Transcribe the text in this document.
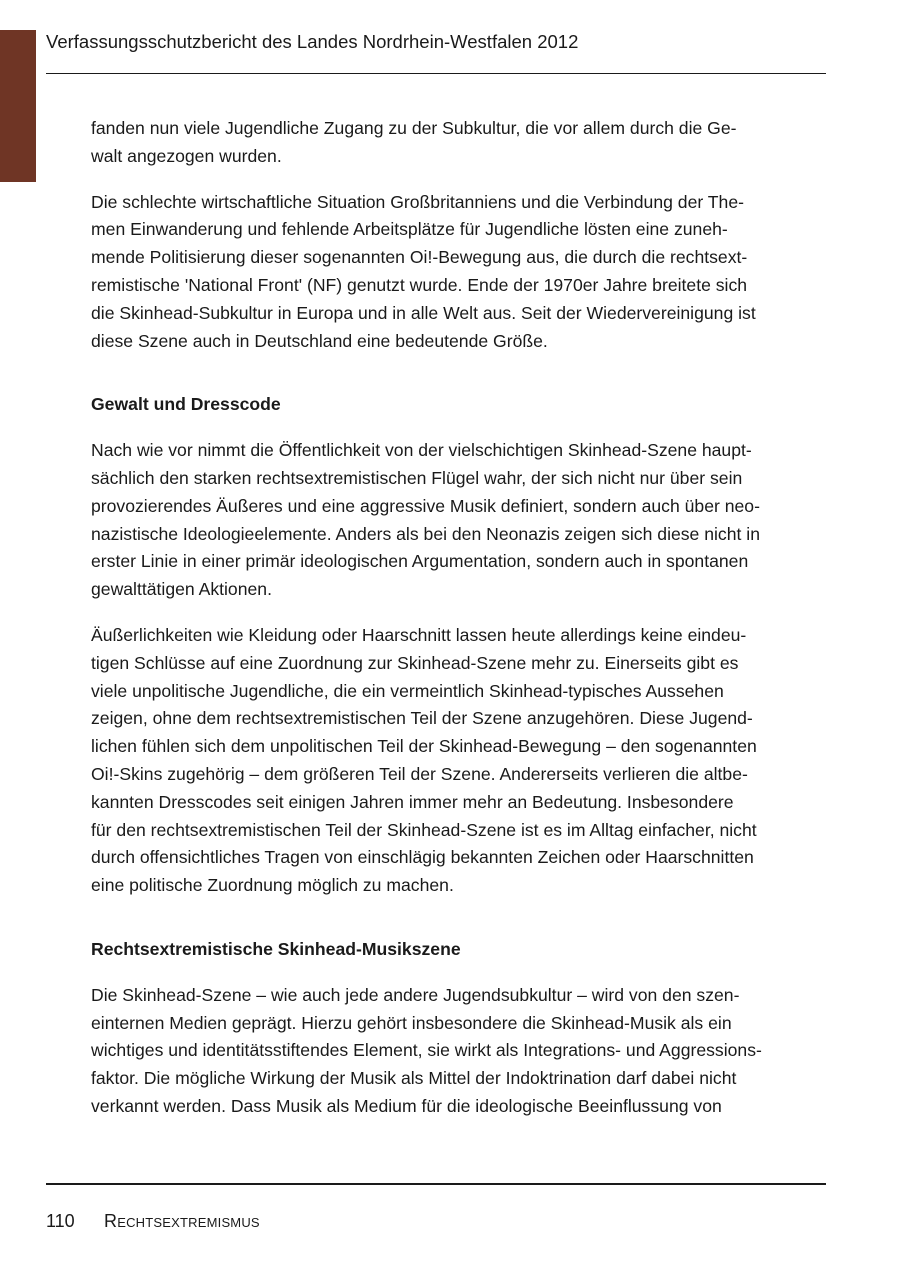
Verfassungsschutzbericht des Landes Nordrhein-Westfalen 2012

fanden nun viele Jugendliche Zugang zu der Subkultur, die vor allem durch die Ge-
walt angezogen wurden.

Die schlechte wirtschaftliche Situation Großbritanniens und die Verbindung der The-
men Einwanderung und fehlende Arbeitsplätze für Jugendliche lösten eine zuneh-
mende Politisierung dieser sogenannten Oi!-Bewegung aus, die durch die rechtsext-
remistische 'National Front' (NF) genutzt wurde. Ende der 1970er Jahre breitete sich
die Skinhead-Subkultur in Europa und in alle Welt aus. Seit der Wiedervereinigung ist
diese Szene auch in Deutschland eine bedeutende Größe.

Gewalt und Dresscode

Nach wie vor nimmt die Öffentlichkeit von der vielschichtigen Skinhead-Szene haupt-
sächlich den starken rechtsextremistischen Flügel wahr, der sich nicht nur über sein
provozierendes Äußeres und eine aggressive Musik definiert, sondern auch über neo-
nazistische Ideologieelemente. Anders als bei den Neonazis zeigen sich diese nicht in
erster Linie in einer primär ideologischen Argumentation, sondern auch in spontanen
gewalttätigen Aktionen.

Äußerlichkeiten wie Kleidung oder Haarschnitt lassen heute allerdings keine eindeu-
tigen Schlüsse auf eine Zuordnung zur Skinhead-Szene mehr zu. Einerseits gibt es
viele unpolitische Jugendliche, die ein vermeintlich Skinhead-typisches Aussehen
zeigen, ohne dem rechtsextremistischen Teil der Szene anzugehören. Diese Jugend-
lichen fühlen sich dem unpolitischen Teil der Skinhead-Bewegung – den sogenannten
Oi!-Skins zugehörig – dem größeren Teil der Szene. Andererseits verlieren die altbe-
kannten Dresscodes seit einigen Jahren immer mehr an Bedeutung. Insbesondere
für den rechtsextremistischen Teil der Skinhead-Szene ist es im Alltag einfacher, nicht
durch offensichtliches Tragen von einschlägig bekannten Zeichen oder Haarschnitten
eine politische Zuordnung möglich zu machen.

Rechtsextremistische Skinhead-Musikszene

Die Skinhead-Szene – wie auch jede andere Jugendsubkultur – wird von den szen-
einternen Medien geprägt. Hierzu gehört insbesondere die Skinhead-Musik als ein
wichtiges und identitätsstiftendes Element, sie wirkt als Integrations- und Aggressions-
faktor. Die mögliche Wirkung der Musik als Mittel der Indoktrination darf dabei nicht
verkannt werden. Dass Musik als Medium für die ideologische Beeinflussung von

110 Rechtsextremismus
